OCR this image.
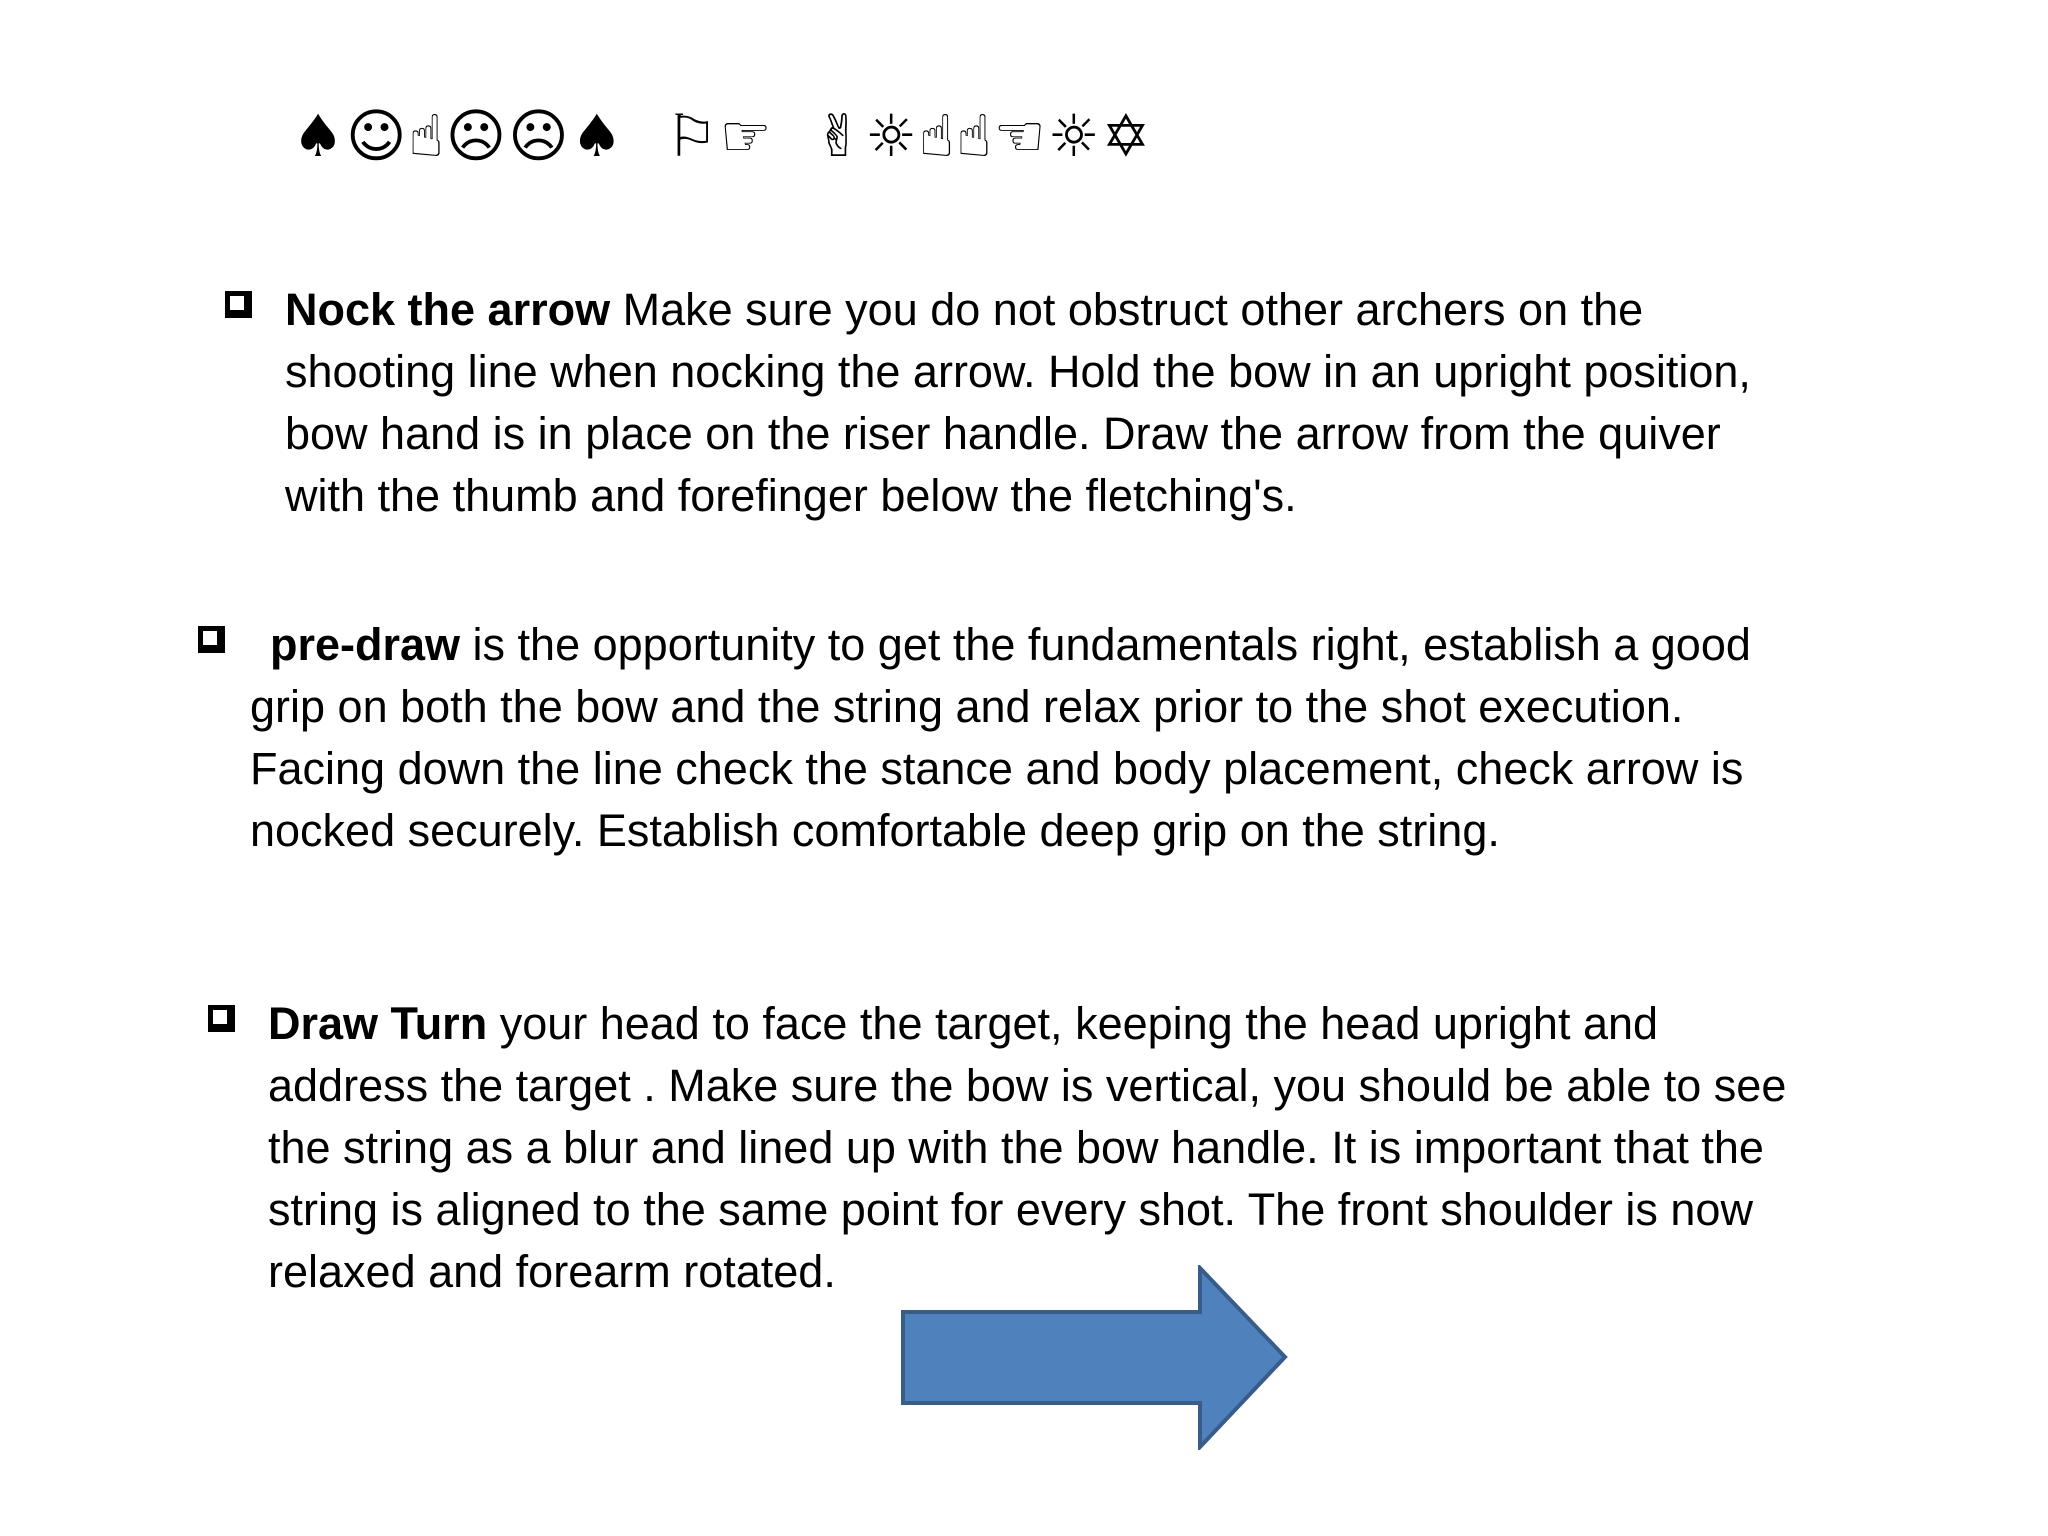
♠☺☝☹☹♠  ⚐☞  ✌☼☝☝☜☼✡
Nock the arrow Make sure you do not obstruct other archers on the
shooting line when nocking the arrow. Hold the bow in an upright position,
bow hand is in place on the riser handle. Draw the arrow from the quiver
with the thumb and forefinger below the fletching's.
pre-draw is the opportunity to get the fundamentals right, establish a good
grip on both the bow and the string and relax prior to the shot execution.
Facing down the line check the stance and body placement, check arrow is
nocked securely. Establish comfortable deep grip on the string.
Draw Turn your head to face the target, keeping the head upright and
address the target . Make sure the bow is vertical, you should be able to see
the string as a blur and lined up with the bow handle. It is important that the
string is aligned to the same point for every shot. The front shoulder is now
relaxed and forearm rotated.
